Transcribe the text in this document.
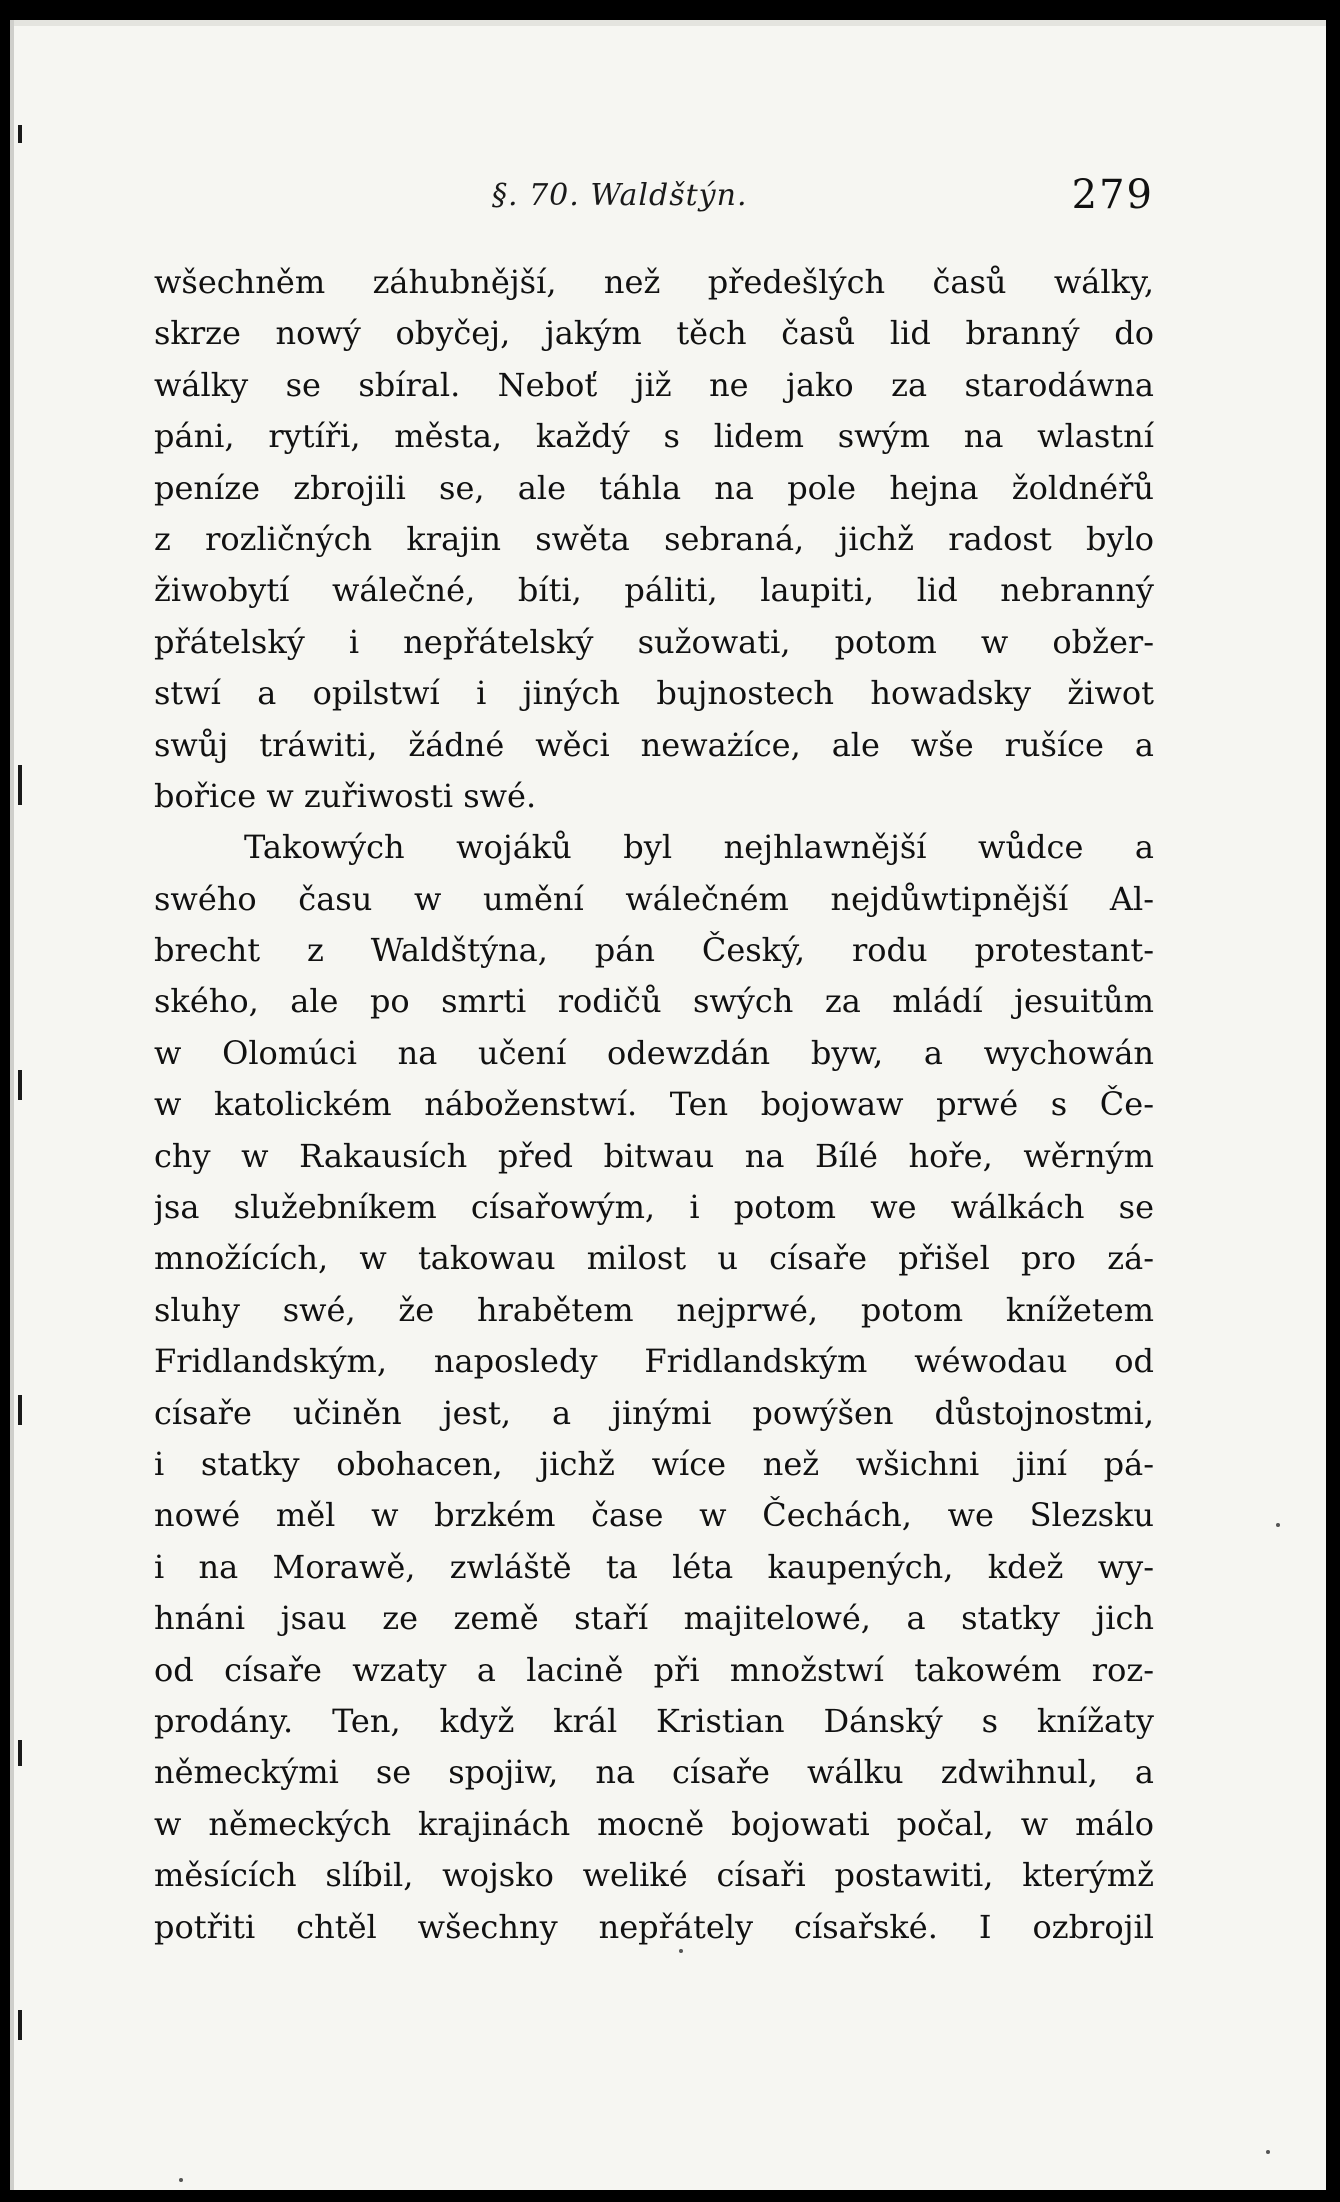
§. 70. Waldštýn.	279
wšechněm záhubnější, než předešlých časů wálky,
skrze nowý obyčej, jakým těch časů lid branný do
wálky se sbíral. Neboť již ne jako za starodáwna
páni, rytíři, města, každý s lidem swým na wlastní
peníze zbrojili se, ale táhla na pole hejna žoldnéřů
z rozličných krajin swěta sebraná, jichž radost bylo
žiwobytí wálečné, bíti, páliti, laupiti, lid nebranný
přátelský i nepřátelský sužowati, potom w obžer-
stwí a opilstwí i jiných bujnostech howadsky žiwot
swůj tráwiti, žádné wěci neważíce, ale wše rušíce a
bořice w zuřiwosti swé.
Takowých wojáků byl nejhlawnější wůdce a
swého času w umění wálečném nejdůwtipnější Al-
brecht z Waldštýna, pán Český, rodu protestant-
ského, ale po smrti rodičů swých za mládí jesuitům
w Olomúci na učení odewzdán byw, a wychowán
w katolickém náboženstwí. Ten bojowaw prwé s Če-
chy w Rakausích před bitwau na Bílé hoře, wěrným
jsa služebníkem císařowým, i potom we wálkách se
množících, w takowau milost u císaře přišel pro zá-
sluhy swé, že hrabětem nejprwé, potom knížetem
Fridlandským, naposledy Fridlandským wéwodau od
císaře učiněn jest, a jinými powýšen důstojnostmi,
i statky obohacen, jichž wíce než wšichni jiní pá-
nowé měl w brzkém čase w Čechách, we Slezsku
i na Morawě, zwláště ta léta kaupených, kdež wy-
hnáni jsau ze země staří majitelowé, a statky jich
od císaře wzaty a lacině při množstwí takowém roz-
prodány. Ten, když král Kristian Dánský s knížaty
německými se spojiw, na císaře wálku zdwihnul, a
w německých krajinách mocně bojowati počal, w málo
měsících slíbil, wojsko weliké císaři postawiti, kterýmž
potřiti chtěl wšechny nepřátely císařské. I ozbrojil
